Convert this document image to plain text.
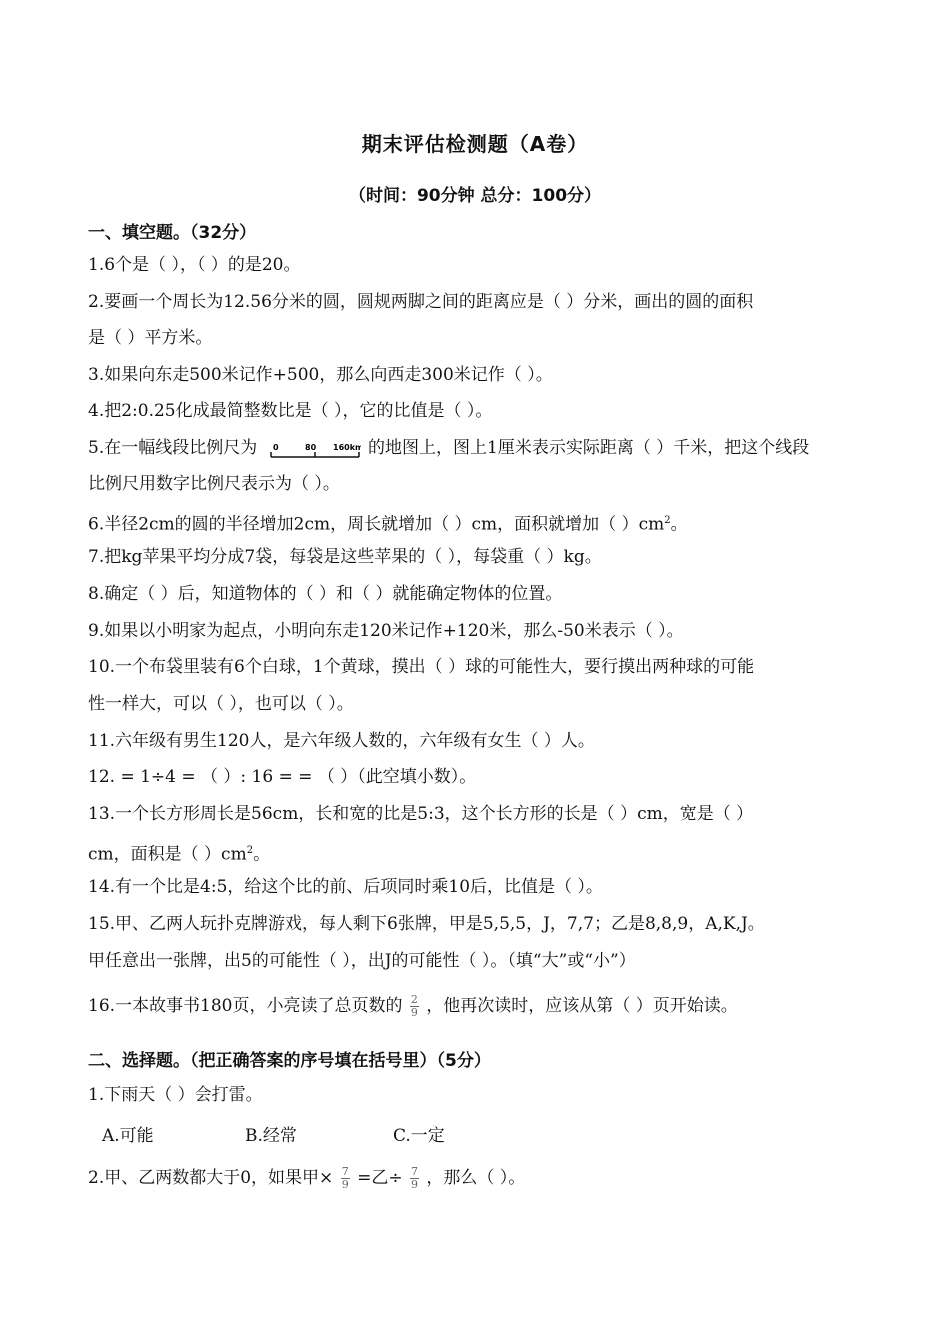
期末评估检测题（A卷）
（时间：90分钟 总分：100分）
一、填空题。（32分）
1.6个是（ ），（ ）的是20。
2.要画一个周长为12.56分米的圆，圆规两脚之间的距离应是（ ）分米，画出的圆的面积
是（ ）平方米。
3.如果向东走500米记作+500，那么向西走300米记作（ ）。
4.把2:0.25化成最简整数比是（ ），它的比值是（ ）。
5.在一幅线段比例尺为 0	80 160km 的地图上，图上1厘米表示实际距离（ ）千米，把这个线段
比例尺用数字比例尺表示为（ ）。
6.半径2cm的圆的半径增加2cm，周长就增加（ ）cm，面积就增加（ ）$cm^2$。
7.把kg苹果平均分成7袋，每袋是这些苹果的（ ），每袋重（ ）kg。
8.确定（ ）后，知道物体的（ ）和（ ）就能确定物体的位置。
9.如果以小明家为起点，小明向东走120米记作+120米，那么-50米表示（ ）。
10.一个布袋里装有6个白球，1个黄球，摸出（ ）球的可能性大，要行摸出两种球的可能
性一样大，可以（ ），也可以（ ）。
11.六年级有男生120人，是六年级人数的，六年级有女生（ ）人。
12. = 1÷4 = （ ）: 16 = = （ ）（此空填小数）。
13.一个长方形周长是56cm，长和宽的比是5:3，这个长方形的长是（ ）cm，宽是（ ）
cm，面积是（ ）$cm^2$。
14.有一个比是4:5，给这个比的前、后项同时乘10后，比值是（ ）。
15.甲、乙两人玩扑克牌游戏，每人剩下6张牌，甲是5,5,5，J，7,7；乙是8,8,9，A,K,J。
甲任意出一张牌，出5的可能性（ ），出J的可能性（ ）。（填“大”或“小”）
16.一本故事书180页，小亮读了总页数的 $\frac{2}{9}$ ，他再次读时，应该从第（ ）页开始读。
二、选择题。（把正确答案的序号填在括号里）（5分）
1.下雨天（ ）会打雷。
A.可能	B.经常	C.一定
2.甲、乙两数都大于0，如果甲× $\frac{7}{9}$ =乙÷ $\frac{7}{9}$ ，那么（ ）。
